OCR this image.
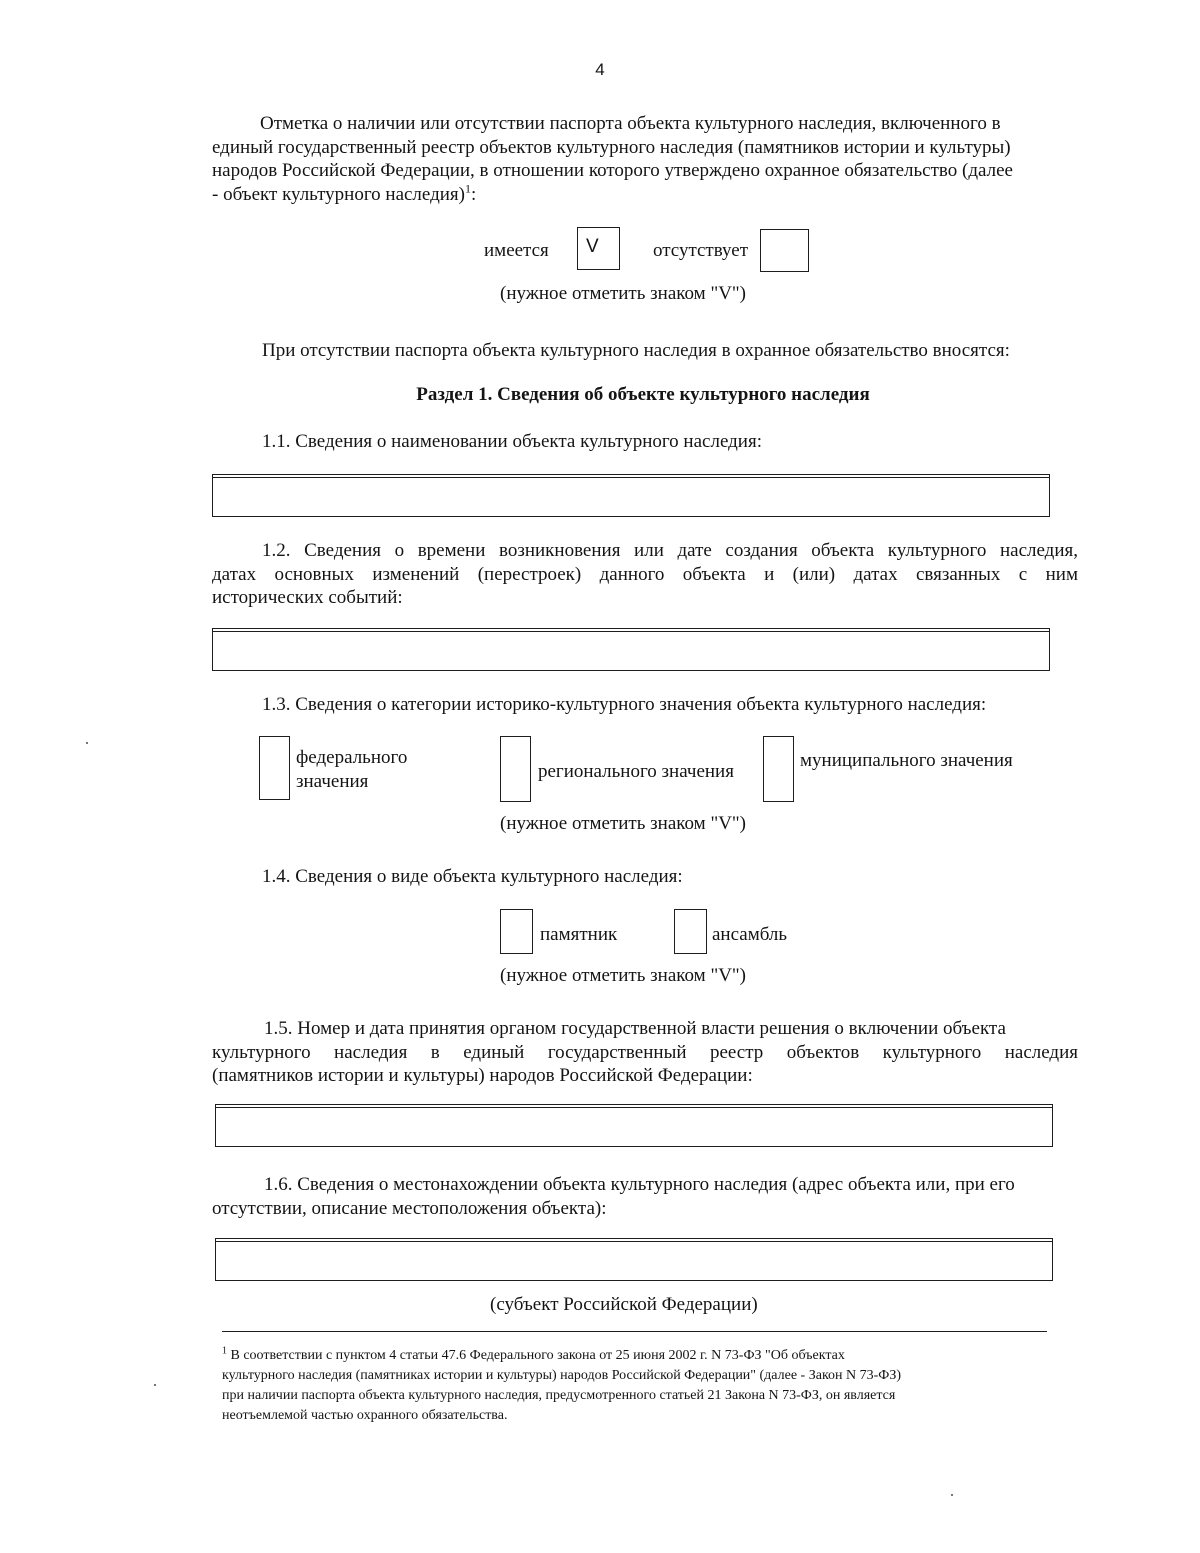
4
Отметка о наличии или отсутствии паспорта объекта культурного наследия, включенного в
единый государственный реестр объектов культурного наследия (памятников истории и культуры)
народов Российской Федерации, в отношении которого утверждено охранное обязательство (далее
- объект культурного наследия)$^1$:
имеется	V	отсутствует
(нужное отметить знаком "V")
При отсутствии паспорта объекта культурного наследия в охранное обязательство вносятся:
Раздел 1. Сведения об объекте культурного наследия
1.1. Сведения о наименовании объекта культурного наследия:
1.2. Сведения о времени возникновения или дате создания объекта культурного наследия,
датах основных изменений (перестроек) данного объекта и (или) датах связанных с ним
исторических событий:
1.3. Сведения о категории историко-культурного значения объекта культурного наследия:
федерального
значения	регионального значения
муниципального значения
(нужное отметить знаком "V")
1.4. Сведения о виде объекта культурного наследия:
памятник	ансамбль
(нужное отметить знаком "V")
1.5. Номер и дата принятия органом государственной власти решения о включении объекта
культурного наследия в единый государственный реестр объектов культурного наследия
(памятников истории и культуры) народов Российской Федерации:
1.6. Сведения о местонахождении объекта культурного наследия (адрес объекта или, при его
отсутствии, описание местоположения объекта):
(субъект Российской Федерации)
$^1$ В соответствии с пунктом 4 статьи 47.6 Федерального закона от 25 июня 2002 г. N 73-ФЗ "Об объектах
культурного наследия (памятниках истории и культуры) народов Российской Федерации" (далее - Закон N 73-ФЗ)
при наличии паспорта объекта культурного наследия, предусмотренного статьей 21 Закона N 73-ФЗ, он является
неотъемлемой частью охранного обязательства.
